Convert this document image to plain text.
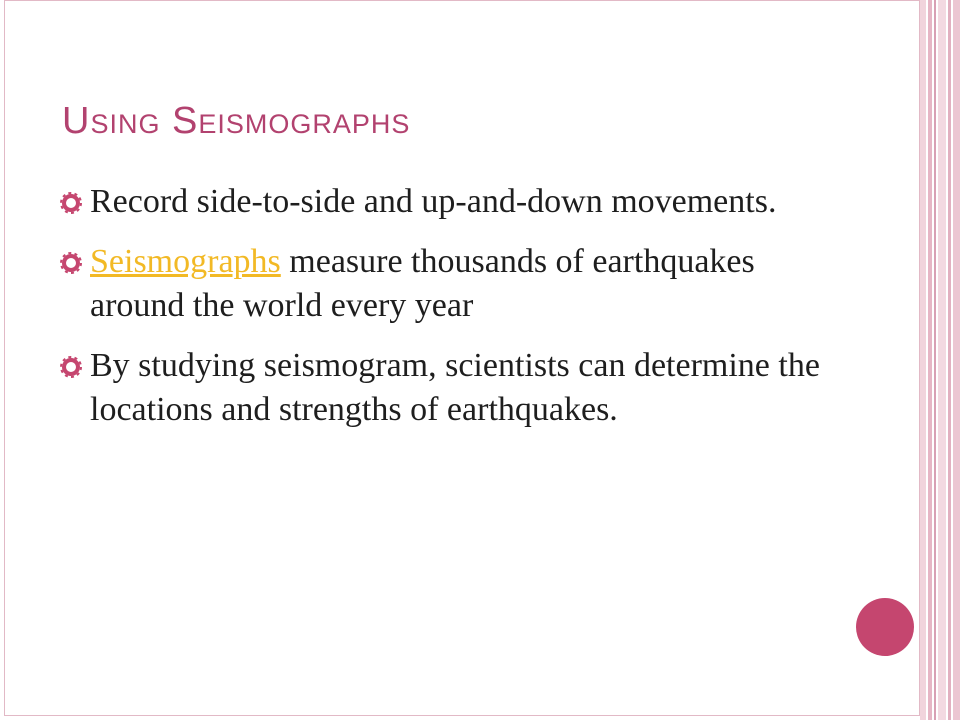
Using Seismographs
Record side-to-side and up-and-down movements.
Seismographs measure thousands of earthquakes around the world every year
By studying seismogram, scientists can determine the locations and strengths of earthquakes.
